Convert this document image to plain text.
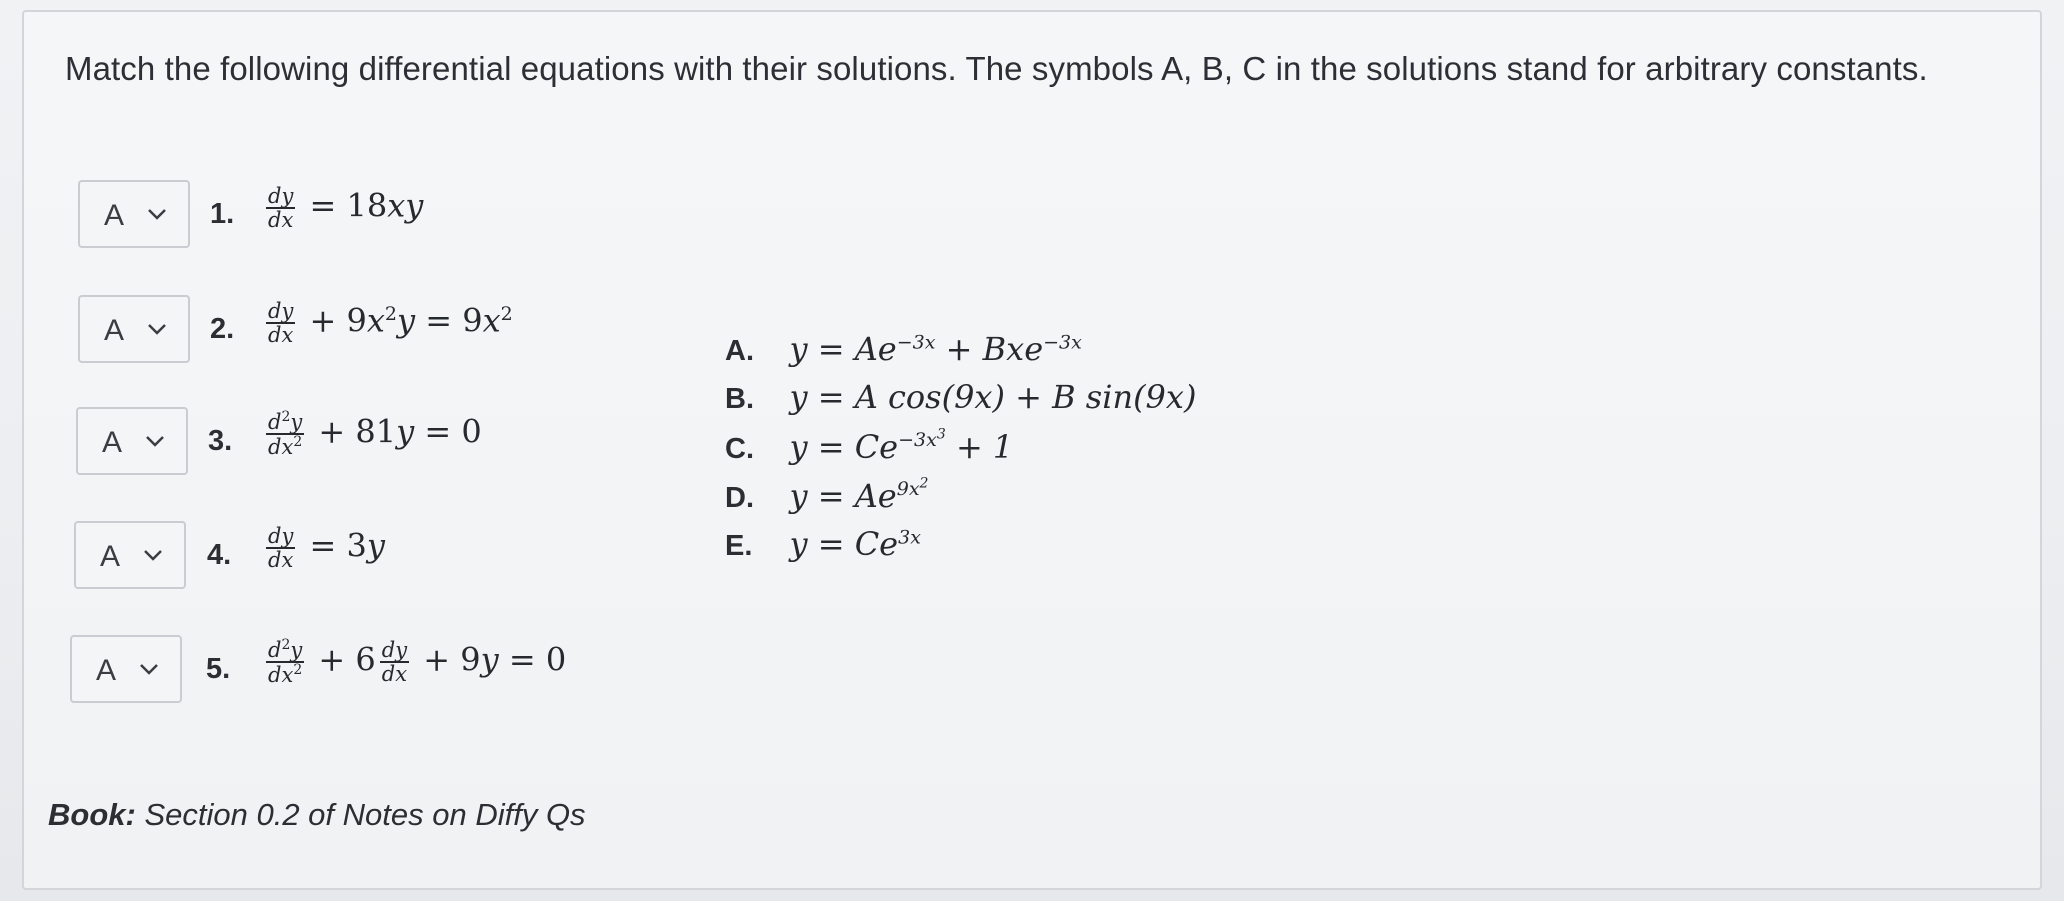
Match the following differential equations with their solutions. The symbols A, B, C in the solutions stand for arbitrary constants.
A	1. $\frac{dy}{dx} = 18xy$
A	2. $\frac{dy}{dx} + 9x^2y = 9x^2$
A	3. $\frac{d^2y}{dx^2} + 81y = 0$
A	4. $\frac{dy}{dx} = 3y$
A	5. $\frac{d^2y}{dx^2} + 6 \frac{dy}{dx} + 9y = 0$
A. $y = Ae^{-3x} + Bxe^{-3x}$
B. y = A cos(9x) + B sin(9x)
C. $y = Ce^{-3x^3} + 1$
D. $y = Ae^{9x^2}$
E. $y = Ce^{3x}$
Book: Section 0.2 of Notes on Diffy Qs
